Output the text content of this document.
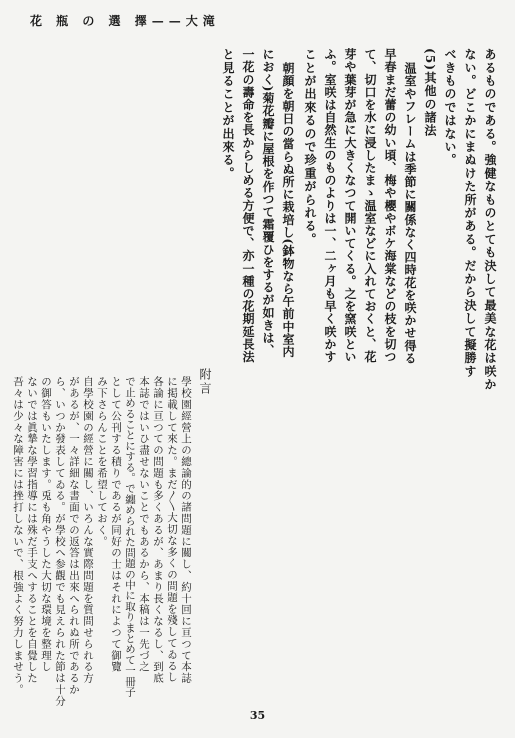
花 瓶 の 選 擇——大滝
あるものである。強健なものとても決して最美な花は咲か
ない。どこかにまぬけた所がある。だから決して擬勝す
べきものではない。
(5)其他の諸法
温室やフレームは季節に關係なく四時花を咲かせ得る
早春まだ蕾の幼い頃、梅や櫻やボケ海棠などの枝を切つ
て、切口を水に浸したまゝ温室などに入れておくと、花
芽や葉芽が急に大きくなつて開いてくる。之を窯咲とい
ふ。室咲は自然生のものよりは一、二ヶ月も早く咲かす
ことが出來るので珍重がられる。
朝顔を朝日の當らぬ所に栽培し(鉢物なら午前中室内
におく)菊花瓣に屋根を作つて霜覆ひをするが如きは、
一花の壽命を長からしめる方便で、亦一種の花期延長法
と見ることが出來る。
附言
學校園經營上の總論的の諸問題に關し、約十回に亘つて本誌
に掲載して來た。まだ〳〵大切な多くの問題を殘してゐるし
各論に亘つての問題も多くあるが、あまり長くなるし、到底
本誌ではいひ盡せないことでもあるから、本稿は一先づ之
で止めることにする。で纏められた問題の中に取りまとめて一冊子
として公刊する積りであるが同好の士はそれによつて御覽
み下さらんことを希望しておく。
自學校園の經營に關し、いろんな實際問題を質問せられる方
があるが、一々詳細な書面での返答は出來へられぬ所であるか
ら、いつか發表してゐる。が學校へ参觀でも見えられた節は十分
の御答もいたします。兎も角やうした大切な環境を整理し
ないでは眞摯な學習指導には殊だ手支へすることを自覺した
吾々は少々な障害には挫打しないで、根強よく努力しませう。
35
